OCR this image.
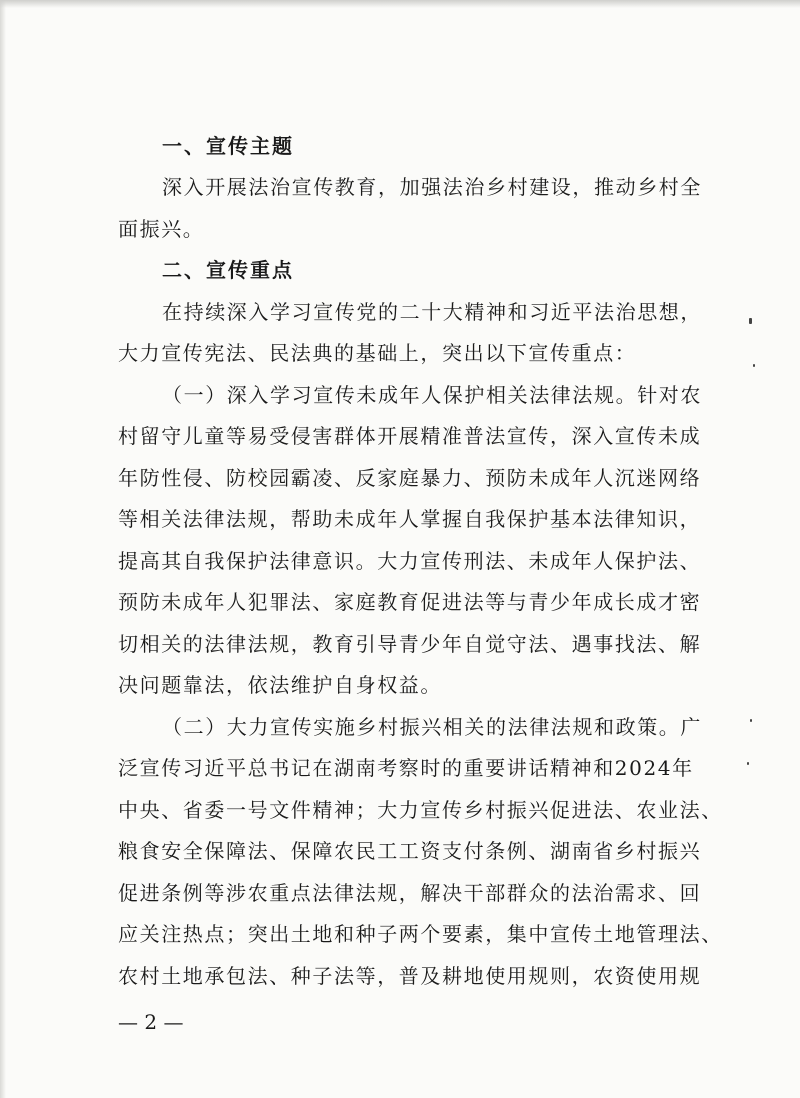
一、宣传主题
深入开展法治宣传教育，加强法治乡村建设，推动乡村全
面振兴。
二、宣传重点
在持续深入学习宣传党的二十大精神和习近平法治思想，
大力宣传宪法、民法典的基础上，突出以下宣传重点：
（一）深入学习宣传未成年人保护相关法律法规。针对农
村留守儿童等易受侵害群体开展精准普法宣传，深入宣传未成
年防性侵、防校园霸凌、反家庭暴力、预防未成年人沉迷网络
等相关法律法规，帮助未成年人掌握自我保护基本法律知识，
提高其自我保护法律意识。大力宣传刑法、未成年人保护法、
预防未成年人犯罪法、家庭教育促进法等与青少年成长成才密
切相关的法律法规，教育引导青少年自觉守法、遇事找法、解
决问题靠法，依法维护自身权益。
（二）大力宣传实施乡村振兴相关的法律法规和政策。广
泛宣传习近平总书记在湖南考察时的重要讲话精神和2024年
中央、省委一号文件精神；大力宣传乡村振兴促进法、农业法、
粮食安全保障法、保障农民工工资支付条例、湖南省乡村振兴
促进条例等涉农重点法律法规，解决干部群众的法治需求、回
应关注热点；突出土地和种子两个要素，集中宣传土地管理法、
农村土地承包法、种子法等，普及耕地使用规则，农资使用规
— 2 —
